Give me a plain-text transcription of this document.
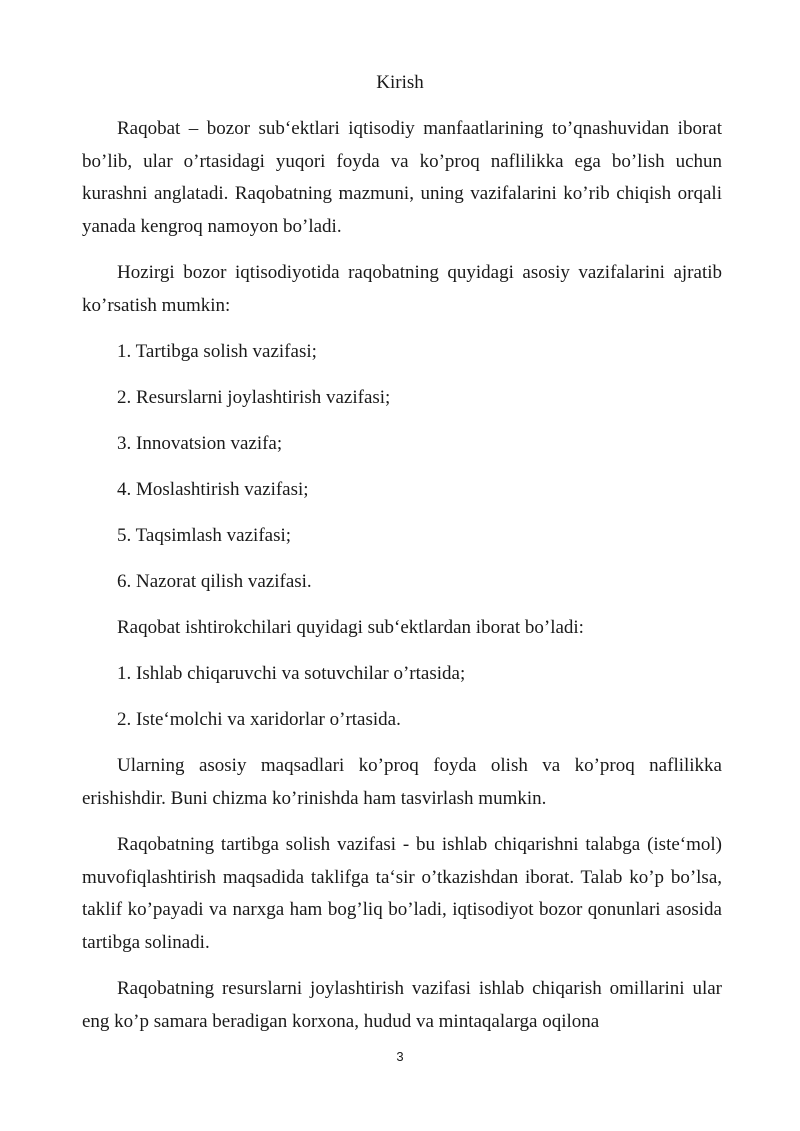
Kirish

Raqobat – bozor sub‘ektlari iqtisodiy manfaatlarining to’qnashuvidan iborat bo’lib, ular o’rtasidagi yuqori foyda va ko’proq naflilikka ega bo’lish uchun kurashni anglatadi. Raqobatning mazmuni, uning vazifalarini ko’rib chiqish orqali yanada kengroq namoyon bo’ladi.

Hozirgi bozor iqtisodiyotida raqobatning quyidagi asosiy vazifalarini ajratib ko’rsatish mumkin:

1. Tartibga solish vazifasi;

2. Resurslarni joylashtirish vazifasi;

3. Innovatsion vazifa;

4. Moslashtirish vazifasi;

5. Taqsimlash vazifasi;

6. Nazorat qilish vazifasi.

Raqobat ishtirokchilari quyidagi sub‘ektlardan iborat bo’ladi:

1. Ishlab chiqaruvchi va sotuvchilar o’rtasida;

2. Iste‘molchi va xaridorlar o’rtasida.

Ularning asosiy maqsadlari ko’proq foyda olish va ko’proq naflilikka erishishdir. Buni chizma ko’rinishda ham tasvirlash mumkin.

Raqobatning tartibga solish vazifasi - bu ishlab chiqarishni talabga (iste‘mol) muvofiqlashtirish maqsadida taklifga ta‘sir o’tkazishdan iborat. Talab ko’p bo’lsa, taklif ko’payadi va narxga ham bog’liq bo’ladi, iqtisodiyot bozor qonunlari asosida tartibga solinadi.

Raqobatning resurslarni joylashtirish vazifasi ishlab chiqarish omillarini ular eng ko’p samara beradigan korxona, hudud va mintaqalarga oqilona

3
